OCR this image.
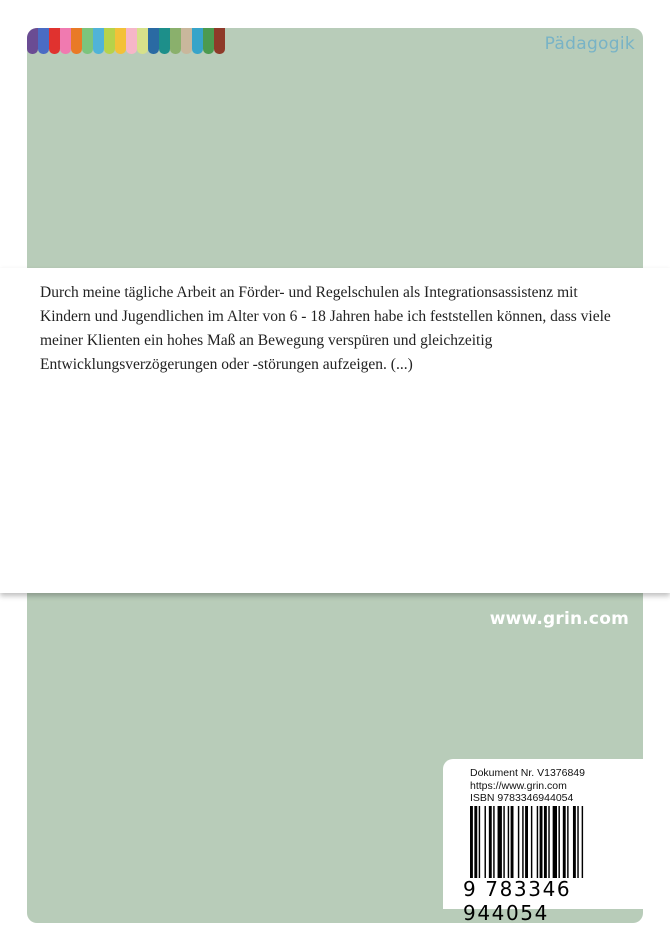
Pädagogik

Durch meine tägliche Arbeit an Förder- und Regelschulen als Integrationsassistenz mit Kindern und Jugendlichen im Alter von 6 - 18 Jahren habe ich feststellen können, dass viele meiner Klienten ein hohes Maß an Bewegung verspüren und gleichzeitig Entwicklungsverzögerungen oder -störungen aufzeigen. (...)

www.grin.com
Dokument Nr. V1376849
https://www.grin.com
ISBN 9783346944054
9 783346 944054
